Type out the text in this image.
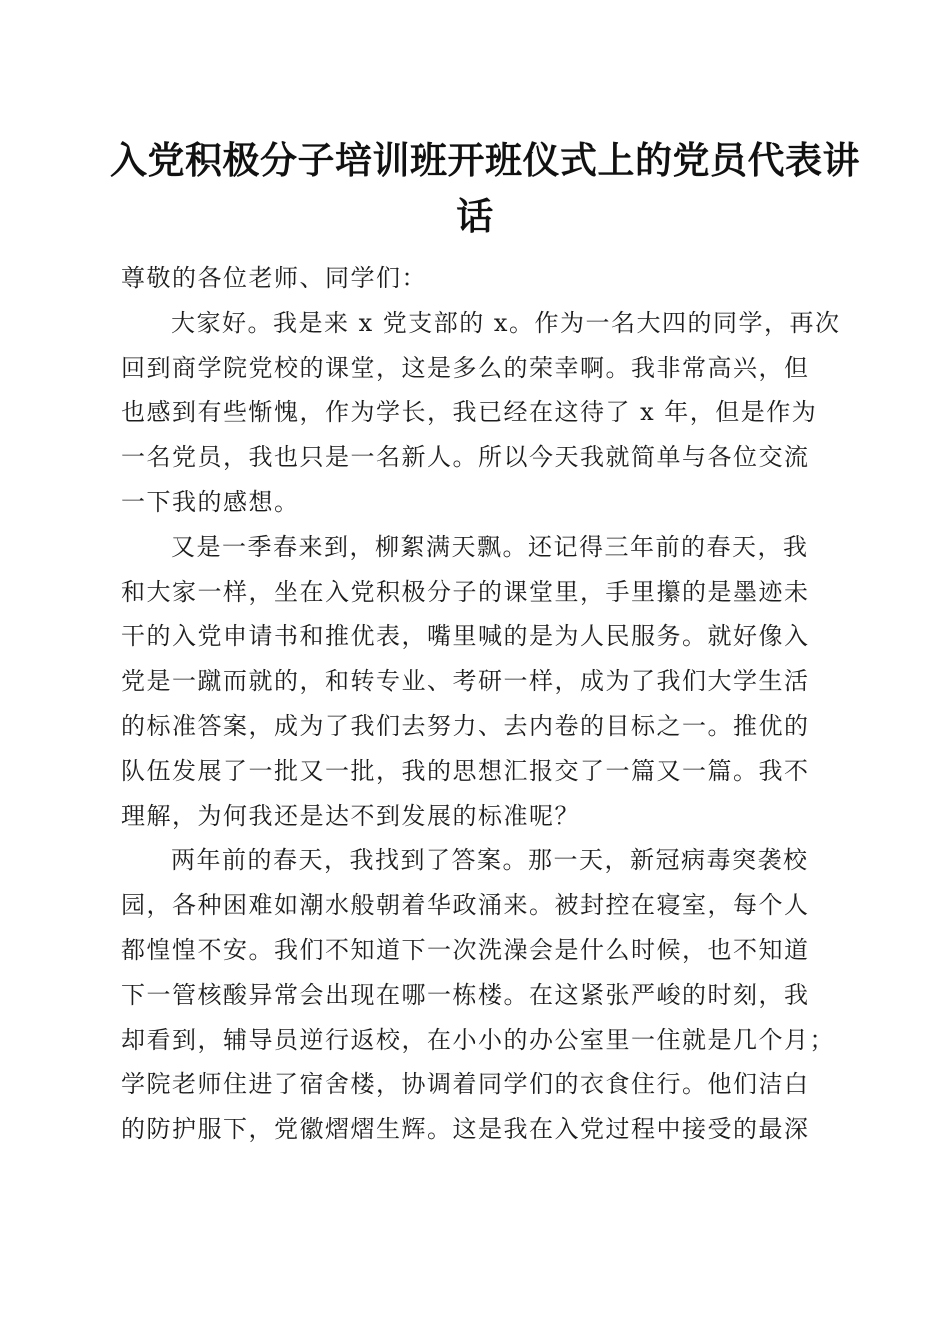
入党积极分子培训班开班仪式上的党员代表讲
话
尊敬的各位老师、同学们：
大家好。我是来 x 党支部的 x。作为一名大四的同学，再次
回到商学院党校的课堂，这是多么的荣幸啊。我非常高兴，但
也感到有些惭愧，作为学长，我已经在这待了 x 年，但是作为
一名党员，我也只是一名新人。所以今天我就简单与各位交流
一下我的感想。
又是一季春来到，柳絮满天飘。还记得三年前的春天，我
和大家一样，坐在入党积极分子的课堂里，手里攥的是墨迹未
干的入党申请书和推优表，嘴里喊的是为人民服务。就好像入
党是一蹴而就的，和转专业、考研一样，成为了我们大学生活
的标准答案，成为了我们去努力、去内卷的目标之一。推优的
队伍发展了一批又一批，我的思想汇报交了一篇又一篇。我不
理解，为何我还是达不到发展的标准呢？
两年前的春天，我找到了答案。那一天，新冠病毒突袭校
园，各种困难如潮水般朝着华政涌来。被封控在寝室，每个人
都惶惶不安。我们不知道下一次洗澡会是什么时候，也不知道
下一管核酸异常会出现在哪一栋楼。在这紧张严峻的时刻，我
却看到，辅导员逆行返校，在小小的办公室里一住就是几个月；
学院老师住进了宿舍楼，协调着同学们的衣食住行。他们洁白
的防护服下，党徽熠熠生辉。这是我在入党过程中接受的最深
